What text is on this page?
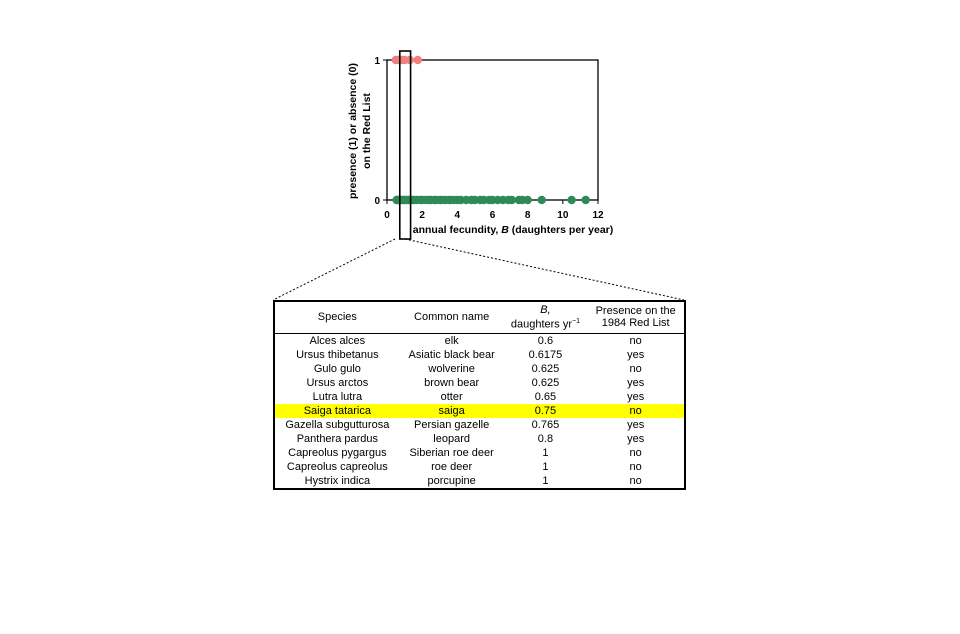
0	2	4	6	8	10 12
0
1
annual fecundity, B (daughters per year)
presence (1) or absence (0) on the Red List
Species	Common name	B,
daughters $yr^{-1}$	Presence on the
1984 Red List
Alces alces	elk	0.6	no
Ursus thibetanus	Asiatic black bear	0.6175	yes
Gulo gulo	wolverine	0.625	no
Ursus arctos	brown bear	0.625	yes
Lutra lutra	otter	0.65	yes
Saiga tatarica	saiga	0.75	no
Gazella subgutturosa	Persian gazelle	0.765	yes
Panthera pardus	leopard	0.8	yes
Capreolus pygargus	Siberian roe deer	1	no
Capreolus capreolus	roe deer	1	no
Hystrix indica	porcupine	1	no
